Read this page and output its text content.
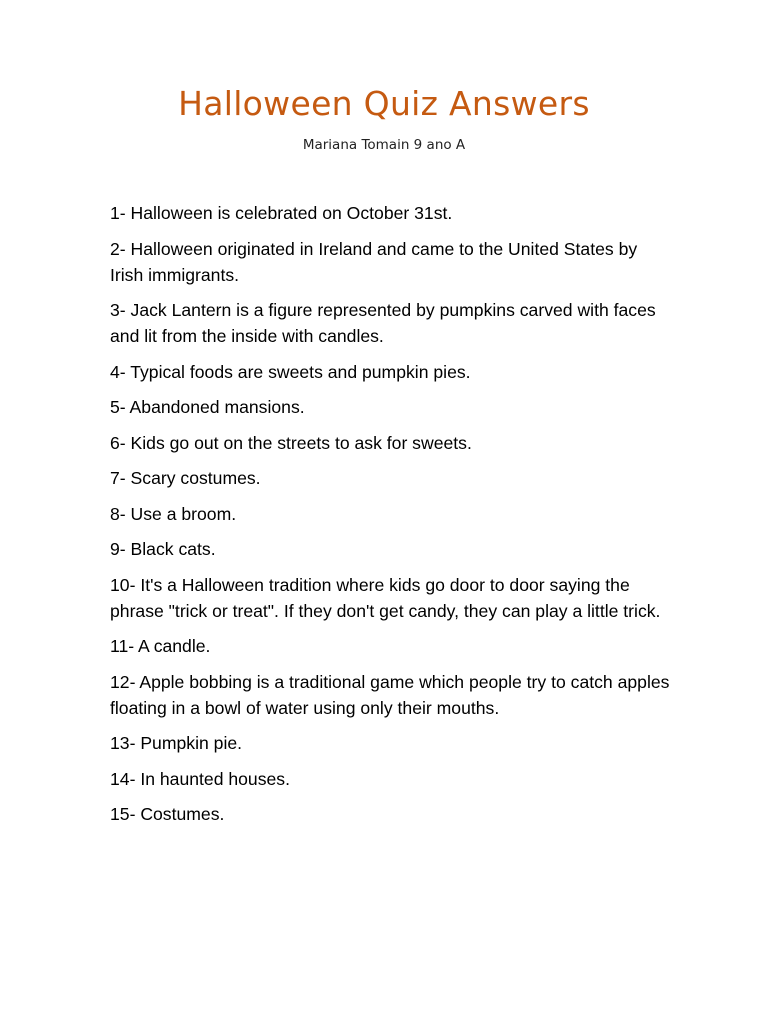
Halloween Quiz Answers

Mariana Tomain 9 ano A

1- Halloween is celebrated on October 31st.
2- Halloween originated in Ireland and came to the United States by Irish immigrants.
3- Jack Lantern is a figure represented by pumpkins carved with faces and lit from the inside with candles.
4- Typical foods are sweets and pumpkin pies.
5- Abandoned mansions.
6- Kids go out on the streets to ask for sweets.
7- Scary costumes.
8- Use a broom.
9- Black cats.
10- It's a Halloween tradition where kids go door to door saying the phrase "trick or treat". If they don't get candy, they can play a little trick.
11- A candle.
12- Apple bobbing is a traditional game which people try to catch apples floating in a bowl of water using only their mouths.
13- Pumpkin pie.
14- In haunted houses.
15- Costumes.
